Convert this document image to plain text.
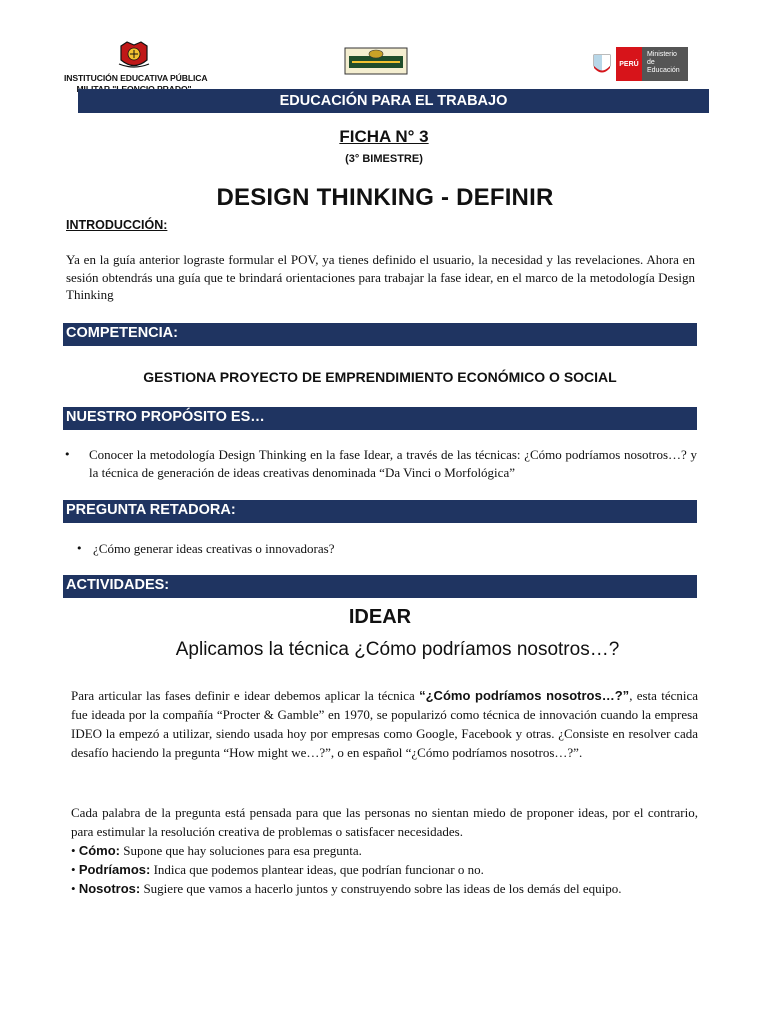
INSTITUCIÓN EDUCATIVA PÚBLICA
PERÚ
Ministerio
de Educación
EDUCACIÓN PARA EL TRABAJO
FICHA N° 3
(3° BIMESTRE)
DESIGN THINKING - DEFINIR
INTRODUCCIÓN:
Ya en la guía anterior lograste formular el POV, ya tienes definido el usuario, la necesidad y las revelaciones. Ahora en sesión obtendrás una guía que te brindará orientaciones para trabajar la fase idear, en el marco de la metodología Design Thinking
COMPETENCIA:
GESTIONA PROYECTO DE EMPRENDIMIENTO ECONÓMICO O SOCIAL
NUESTRO PROPÓSITO ES…
•	Conocer la metodología Design Thinking en la fase Idear, a través de las técnicas: ¿Cómo podríamos nosotros…? y la técnica de generación de ideas creativas denominada “Da Vinci o Morfológica”
PREGUNTA RETADORA:
• ¿Cómo generar ideas creativas o innovadoras?
ACTIVIDADES:
IDEAR
Aplicamos la técnica ¿Cómo podríamos nosotros…?
Para articular las fases definir e idear debemos aplicar la técnica “¿Cómo podríamos nosotros…?”, esta técnica fue ideada por la compañía “Procter & Gamble” en 1970, se popularizó como técnica de innovación cuando la empresa IDEO la empezó a utilizar, siendo usada hoy por empresas como Google, Facebook y otras. ¿Consiste en resolver cada desafío haciendo la pregunta “How might we…?”, o en español “¿Cómo podríamos nosotros…?”.
Cada palabra de la pregunta está pensada para que las personas no sientan miedo de proponer ideas, por el contrario, para estimular la resolución creativa de problemas o satisfacer necesidades.
• Cómo: Supone que hay soluciones para esa pregunta.
• Podríamos: Indica que podemos plantear ideas, que podrían funcionar o no.
• Nosotros: Sugiere que vamos a hacerlo juntos y construyendo sobre las ideas de los demás del equipo.
